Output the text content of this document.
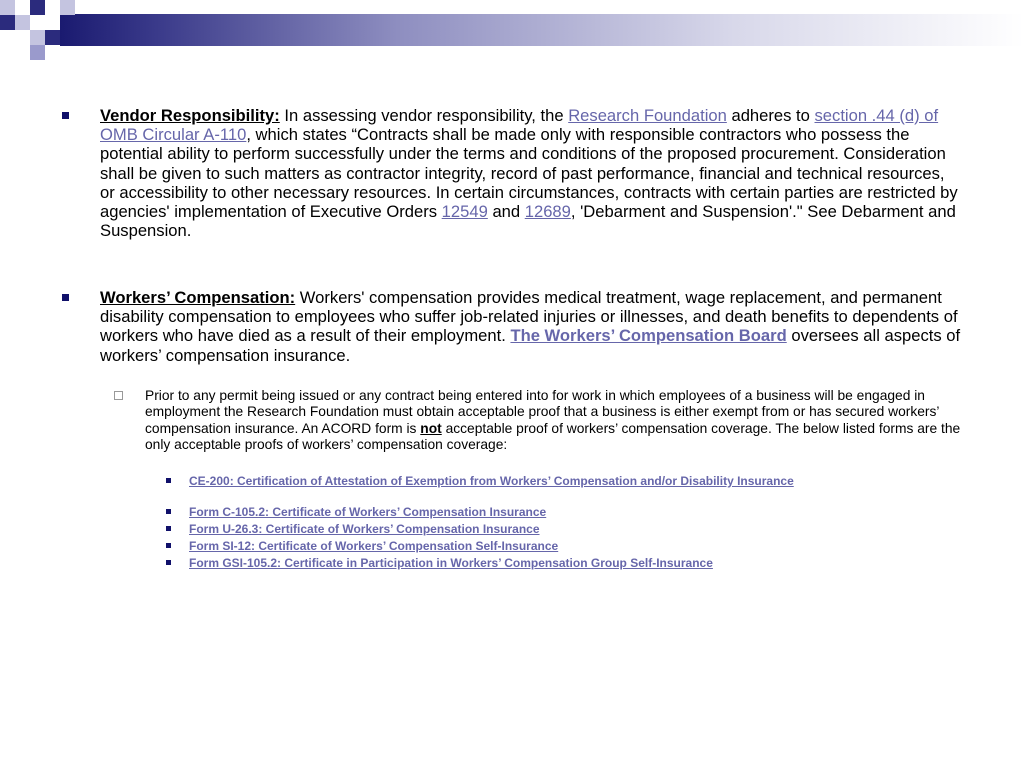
Vendor Responsibility: In assessing vendor responsibility, the Research Foundation adheres to section .44 (d) of OMB Circular A-110, which states “Contracts shall be made only with responsible contractors who possess the potential ability to perform successfully under the terms and conditions of the proposed procurement. Consideration shall be given to such matters as contractor integrity, record of past performance, financial and technical resources, or accessibility to other necessary resources. In certain circumstances, contracts with certain parties are restricted by agencies' implementation of Executive Orders 12549 and 12689, 'Debarment and Suspension'." See Debarment and Suspension.
Workers’ Compensation: Workers' compensation provides medical treatment, wage replacement, and permanent disability compensation to employees who suffer job-related injuries or illnesses, and death benefits to dependents of workers who have died as a result of their employment. The Workers’ Compensation Board oversees all aspects of workers’ compensation insurance.
Prior to any permit being issued or any contract being entered into for work in which employees of a business will be engaged in employment the Research Foundation must obtain acceptable proof that a business is either exempt from or has secured workers’ compensation insurance. An ACORD form is not acceptable proof of workers’ compensation coverage. The below listed forms are the only acceptable proofs of workers’ compensation coverage:
CE-200: Certification of Attestation of Exemption from Workers’ Compensation and/or Disability Insurance
Form C-105.2: Certificate of Workers’ Compensation Insurance
Form U-26.3: Certificate of Workers’ Compensation Insurance
Form SI-12: Certificate of Workers’ Compensation Self-Insurance
Form GSI-105.2: Certificate in Participation in Workers’ Compensation Group Self-Insurance
